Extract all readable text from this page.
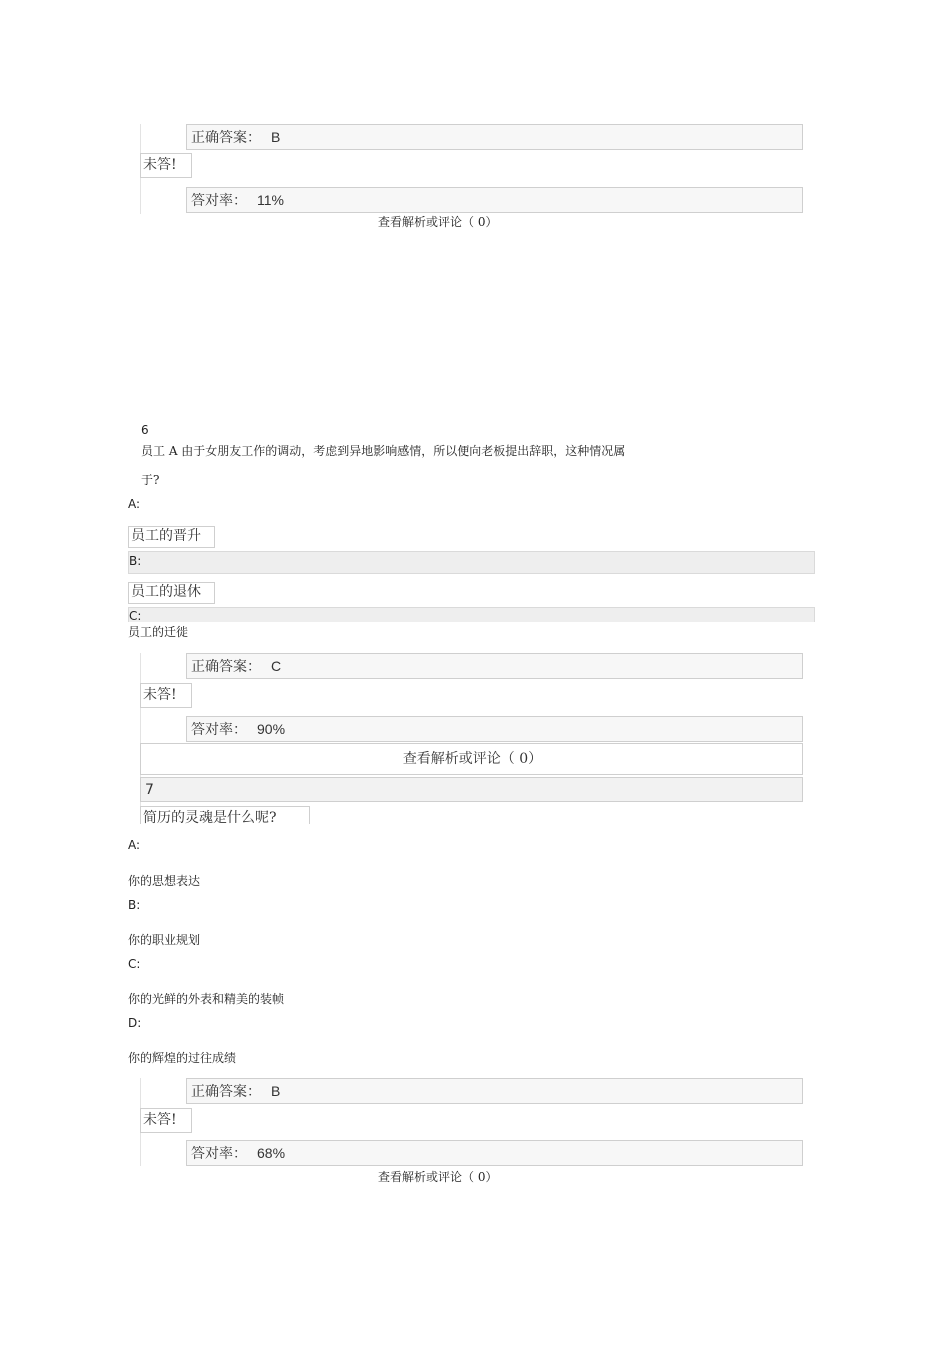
正确答案： B
未答!
答对率： 11%
查看解析或评论（ 0）
6
员工 A 由于女朋友工作的调动，考虑到异地影响感情，所以便向老板提出辞职，这种情况属
于?
A:
员工的晋升
B:
员工的退休
C:
员工的迁徙
正确答案： C
未答!
答对率： 90%
查看解析或评论（ 0）
7
简历的灵魂是什么呢?
A:
你的思想表达
B:
你的职业规划
C:
你的光鲜的外表和精美的装帧
D:
你的辉煌的过往成绩
正确答案： B
未答!
答对率： 68%
查看解析或评论（ 0）
